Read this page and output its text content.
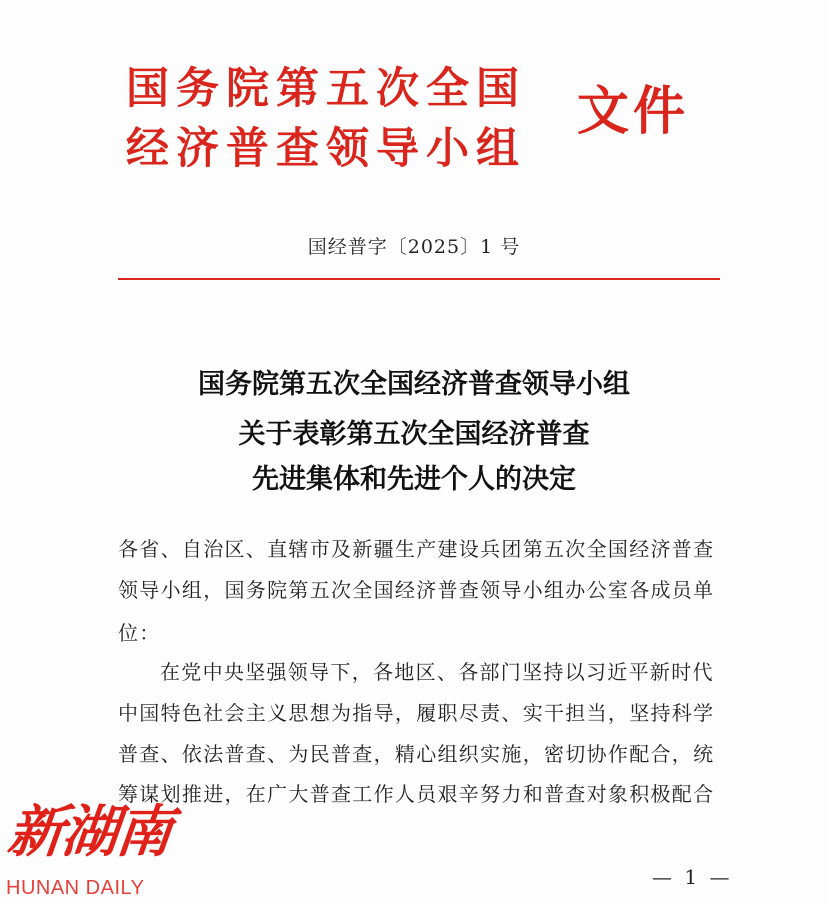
国务院第五次全国
经济普查领导小组
文件
国经普字〔2025〕1 号
国务院第五次全国经济普查领导小组
关于表彰第五次全国经济普查
先进集体和先进个人的决定
各省、自治区、直辖市及新疆生产建设兵团第五次全国经济普查
领导小组，国务院第五次全国经济普查领导小组办公室各成员单
位：
在党中央坚强领导下，各地区、各部门坚持以习近平新时代
中国特色社会主义思想为指导，履职尽责、实干担当，坚持科学
普查、依法普查、为民普查，精心组织实施，密切协作配合，统
筹谋划推进，在广大普查工作人员艰辛努力和普查对象积极配合
— 1 —
新湖南
HUNAN DAILY
